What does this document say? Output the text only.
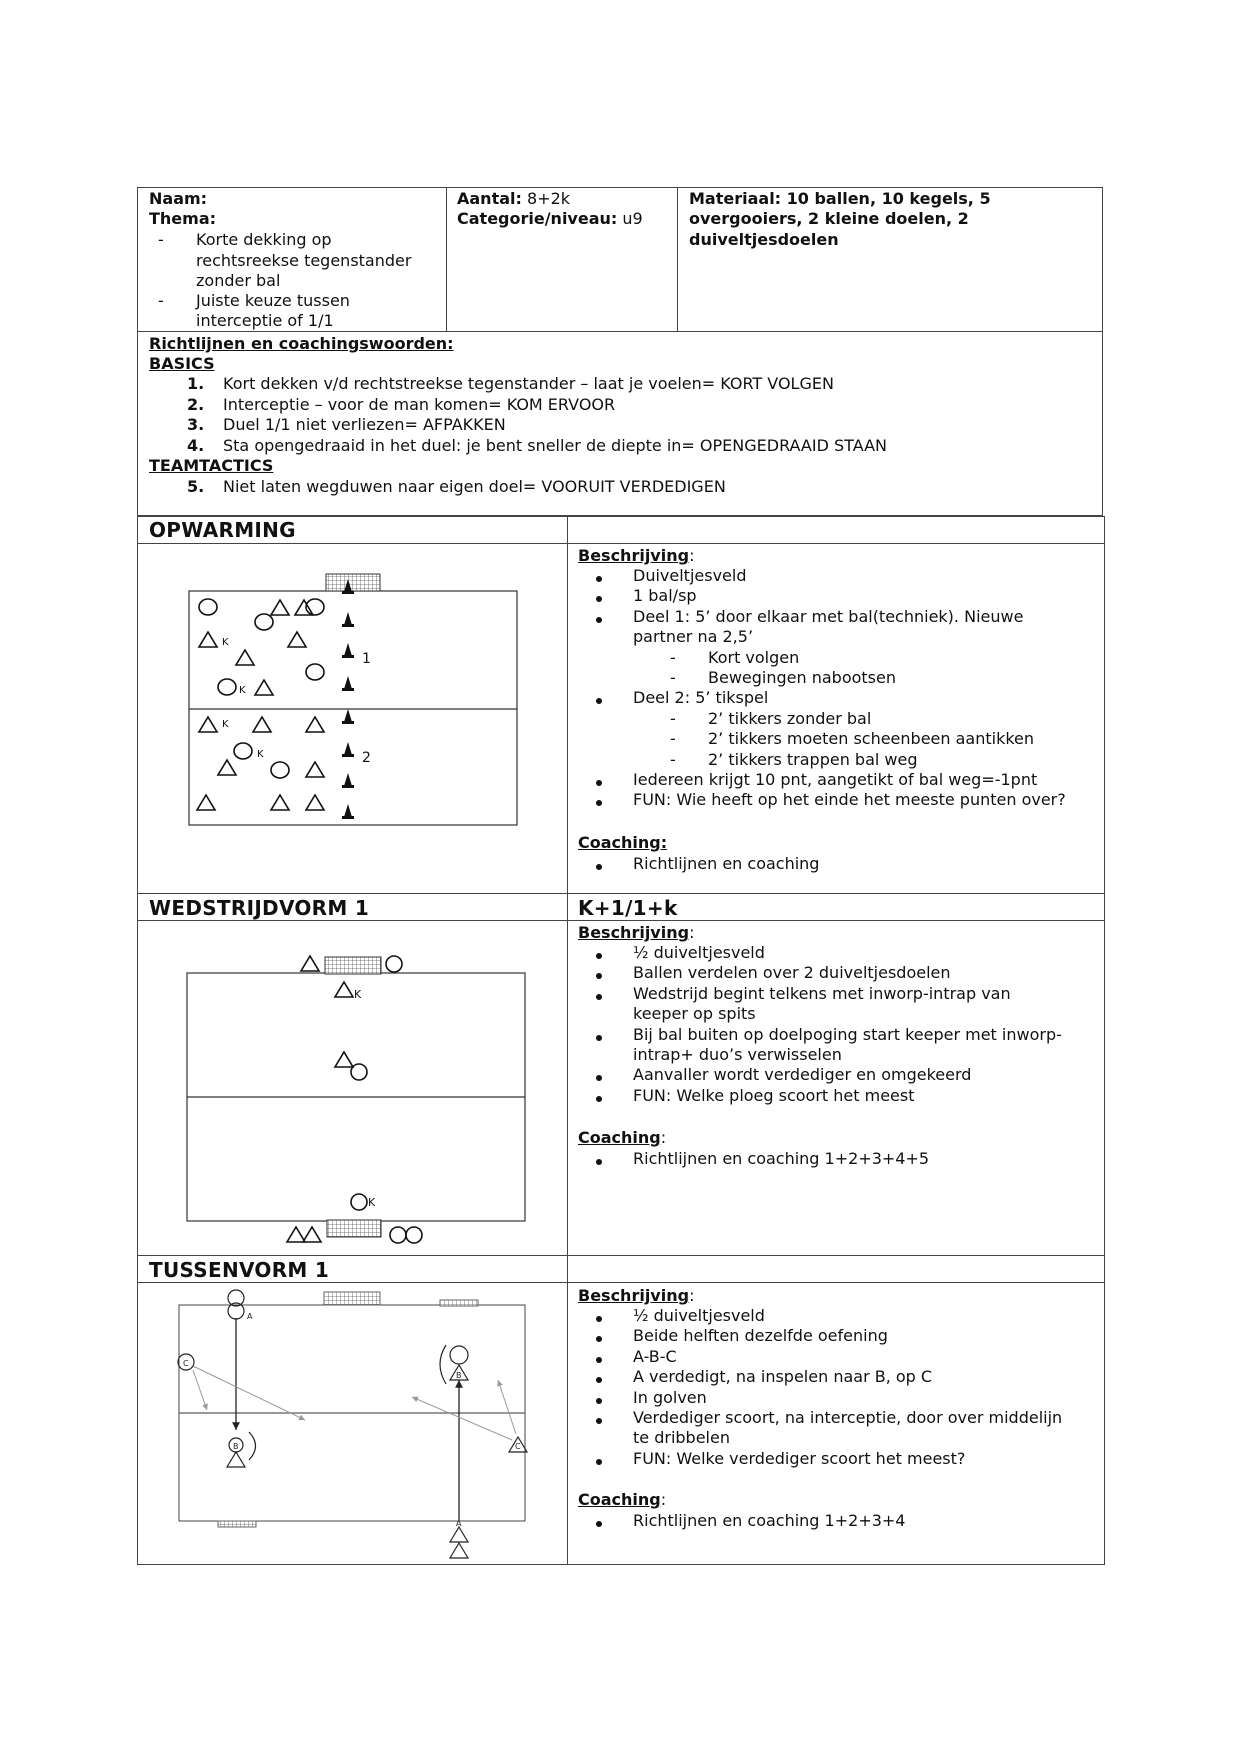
Naam:
Thema:
- Korte dekking op
rechtsreekse tegenstander
zonder bal
- Juiste keuze tussen
interceptie of 1/1
Aantal: 8+2k
Categorie/niveau: u9
Materiaal: 10 ballen, 10 kegels, 5
overgooiers, 2 kleine doelen, 2
duiveltjesdoelen
Richtlijnen en coachingswoorden:
BASICS
1. Kort dekken v/d rechtstreekse tegenstander – laat je voelen= KORT VOLGEN
2. Interceptie – voor de man komen= KOM ERVOOR
3. Duel 1/1 niet verliezen= AFPAKKEN
4. Sta opengedraaid in het duel: je bent sneller de diepte in= OPENGEDRAAID STAAN
TEAMTACTICS
5. Niet laten wegduwen naar eigen doel= VOORUIT VERDEDIGEN
OPWARMING
Beschrijving:
Coaching:
Richtlijnen en coaching
1
2
K
K
K
K
WEDSTRIJDVORM 1	K+1/1+k
Beschrijving:
Coaching:
Richtlijnen en coaching 1+2+3+4+5
K
K
TUSSENVORM 1
Beschrijving:
Coaching:
Richtlijnen en coaching 1+2+3+4
A
C
B
B
C
A
Duiveltjesveld
1 bal/sp
Deel 1: 5’ door elkaar met bal(techniek). Nieuwe
partner na 2,5’
- Kort volgen
- Bewegingen nabootsen
Deel 2: 5’ tikspel
- 2’ tikkers zonder bal
- 2’ tikkers moeten scheenbeen aantikken
- 2’ tikkers trappen bal weg
Iedereen krijgt 10 pnt, aangetikt of bal weg=-1pnt
FUN: Wie heeft op het einde het meeste punten over?
½ duiveltjesveld
Ballen verdelen over 2 duiveltjesdoelen
Wedstrijd begint telkens met inworp-intrap van
keeper op spits
Bij bal buiten op doelpoging start keeper met inworp-
intrap+ duo’s verwisselen
Aanvaller wordt verdediger en omgekeerd
FUN: Welke ploeg scoort het meest
½ duiveltjesveld
Beide helften dezelfde oefening
A-B-C
A verdedigt, na inspelen naar B, op C
In golven
Verdediger scoort, na interceptie, door over middelijn
te dribbelen
FUN: Welke verdediger scoort het meest?
